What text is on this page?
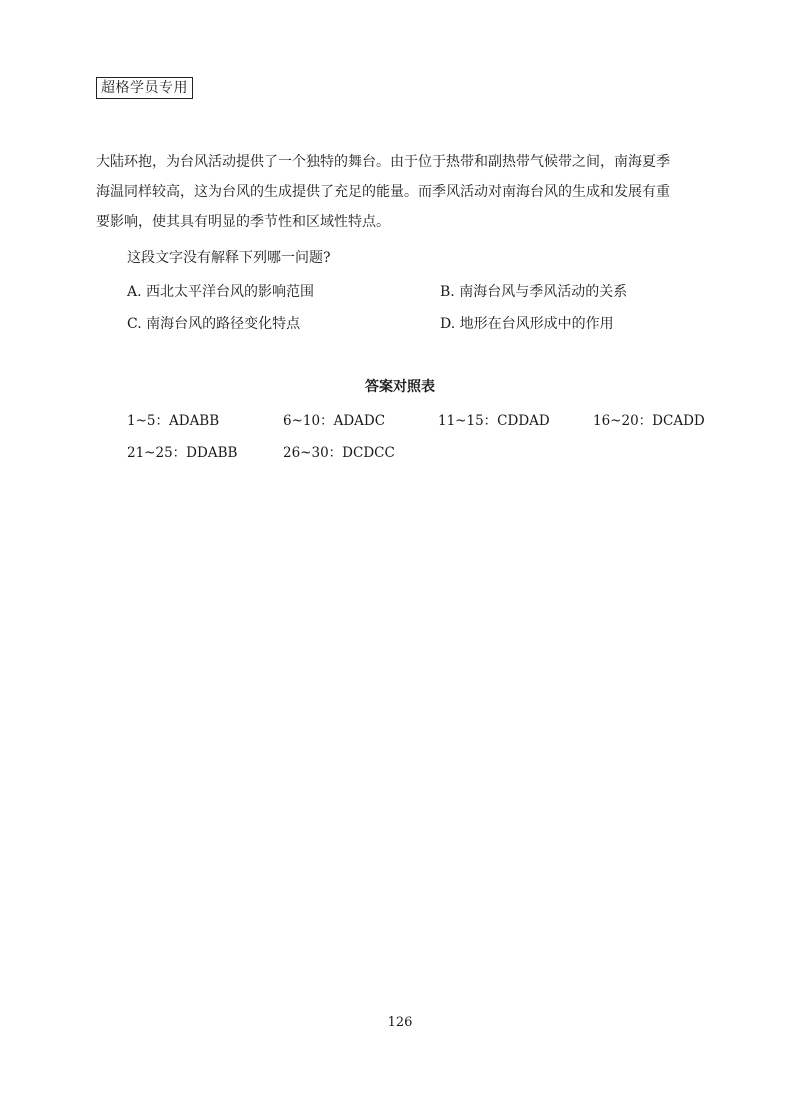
超格学员专用

大陆环抱，为台风活动提供了一个独特的舞台。由于位于热带和副热带气候带之间，南海夏季

海温同样较高，这为台风的生成提供了充足的能量。而季风活动对南海台风的生成和发展有重

要影响，使其具有明显的季节性和区域性特点。

这段文字没有解释下列哪一问题?
A. 西北太平洋台风的影响范围	B. 南海台风与季风活动的关系
C. 南海台风的路径变化特点	D. 地形在台风形成中的作用
答案对照表
1~5：ADABB	6~10：ADADC	11~15：CDDAD	16~20：DCADD
21~25：DDABB	26~30：DCDCC
126
